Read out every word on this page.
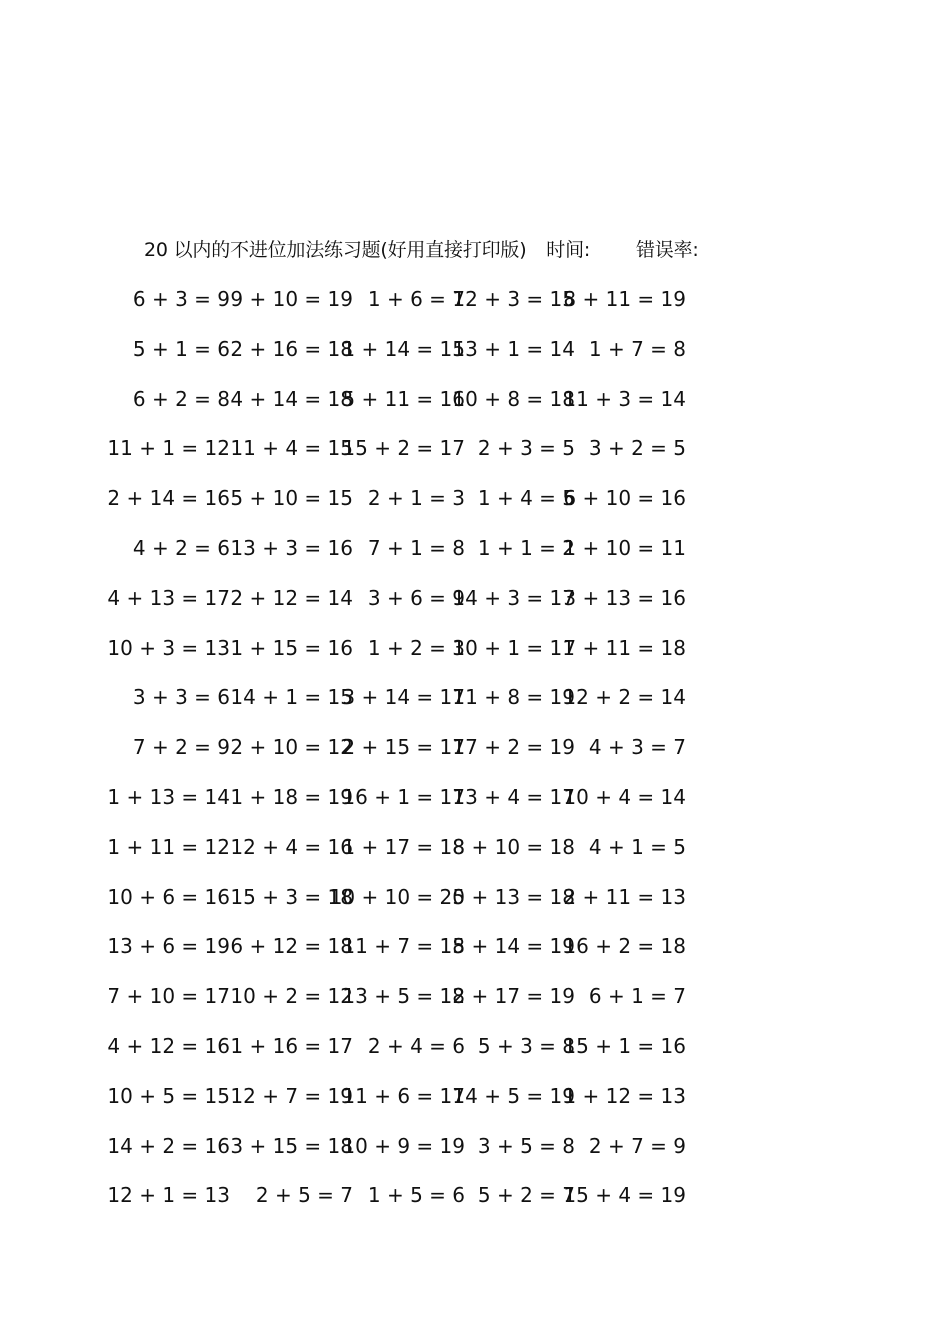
20 以内的不进位加法练习题(好用直接打印版) 时间: 错误率:
6 + 3 = 9 9 + 10 = 19 1 + 6 = 7
12 + 3 = 15
8 + 11 = 19
5 + 1 = 6 2 + 16 = 18
1 + 14 = 15
13 + 1 = 14 1 + 7 = 8
6 + 2 = 8 4 + 14 = 18
5 + 11 = 16
10 + 8 = 18
11 + 3 = 14
11 + 1 = 12 11 + 4 = 15
15 + 2 = 17 2 + 3 = 5 3 + 2 = 5
2 + 14 = 16 5 + 10 = 15 2 + 1 = 3 1 + 4 = 5
6 + 10 = 16
4 + 2 = 6 13 + 3 = 16 7 + 1 = 8 1 + 1 = 2
1 + 10 = 11
4 + 13 = 17 2 + 12 = 14 3 + 6 = 9
14 + 3 = 17
3 + 13 = 16
10 + 3 = 13 1 + 15 = 16 1 + 2 = 3
10 + 1 = 11
7 + 11 = 18
3 + 3 = 6 14 + 1 = 15
3 + 14 = 17
11 + 8 = 19
12 + 2 = 14
7 + 2 = 9 2 + 10 = 12
2 + 15 = 17
17 + 2 = 19 4 + 3 = 7
1 + 13 = 14 1 + 18 = 19
16 + 1 = 17
13 + 4 = 17
10 + 4 = 14
1 + 11 = 12 12 + 4 = 16
1 + 17 = 18
8 + 10 = 18 4 + 1 = 5
10 + 6 = 16 15 + 3 = 18
10 + 10 = 20
5 + 13 = 18
2 + 11 = 13
13 + 6 = 19 6 + 12 = 18
11 + 7 = 18
5 + 14 = 19
16 + 2 = 18
7 + 10 = 17 10 + 2 = 12
13 + 5 = 18
2 + 17 = 19 6 + 1 = 7
4 + 12 = 16 1 + 16 = 17 2 + 4 = 6 5 + 3 = 8
15 + 1 = 16
10 + 5 = 15 12 + 7 = 19
11 + 6 = 17
14 + 5 = 19
1 + 12 = 13
14 + 2 = 16 3 + 15 = 18
10 + 9 = 19 3 + 5 = 8 2 + 7 = 9
12 + 1 = 13 2 + 5 = 7 1 + 5 = 6 5 + 2 = 7
15 + 4 = 19
